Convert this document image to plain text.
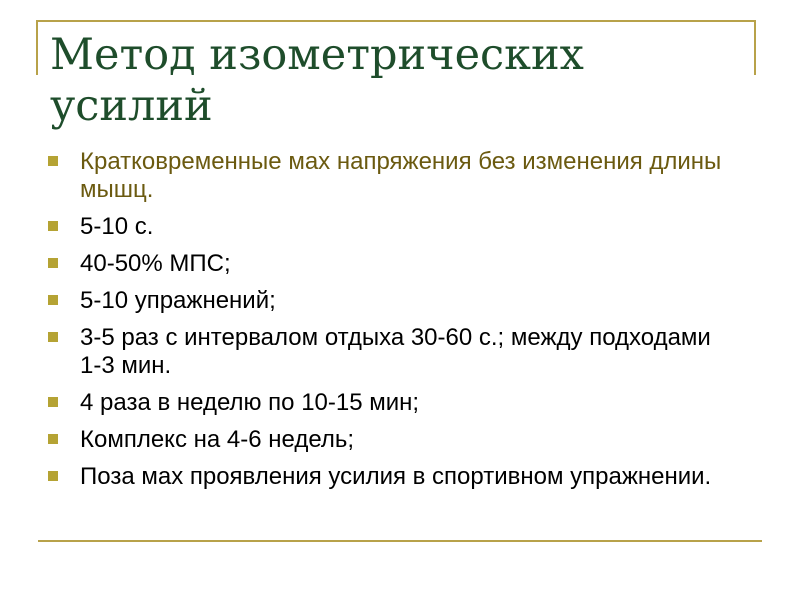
Метод изометрических
усилий
Кратковременные мах напряжения без изменения длины мышц.
5-10 с.
40-50% МПС;
5-10 упражнений;
3-5 раз с интервалом отдыха 30-60 с.; между подходами 1-3 мин.
4 раза в неделю по 10-15 мин;
Комплекс на 4-6 недель;
Поза мах проявления усилия в спортивном упражнении.
